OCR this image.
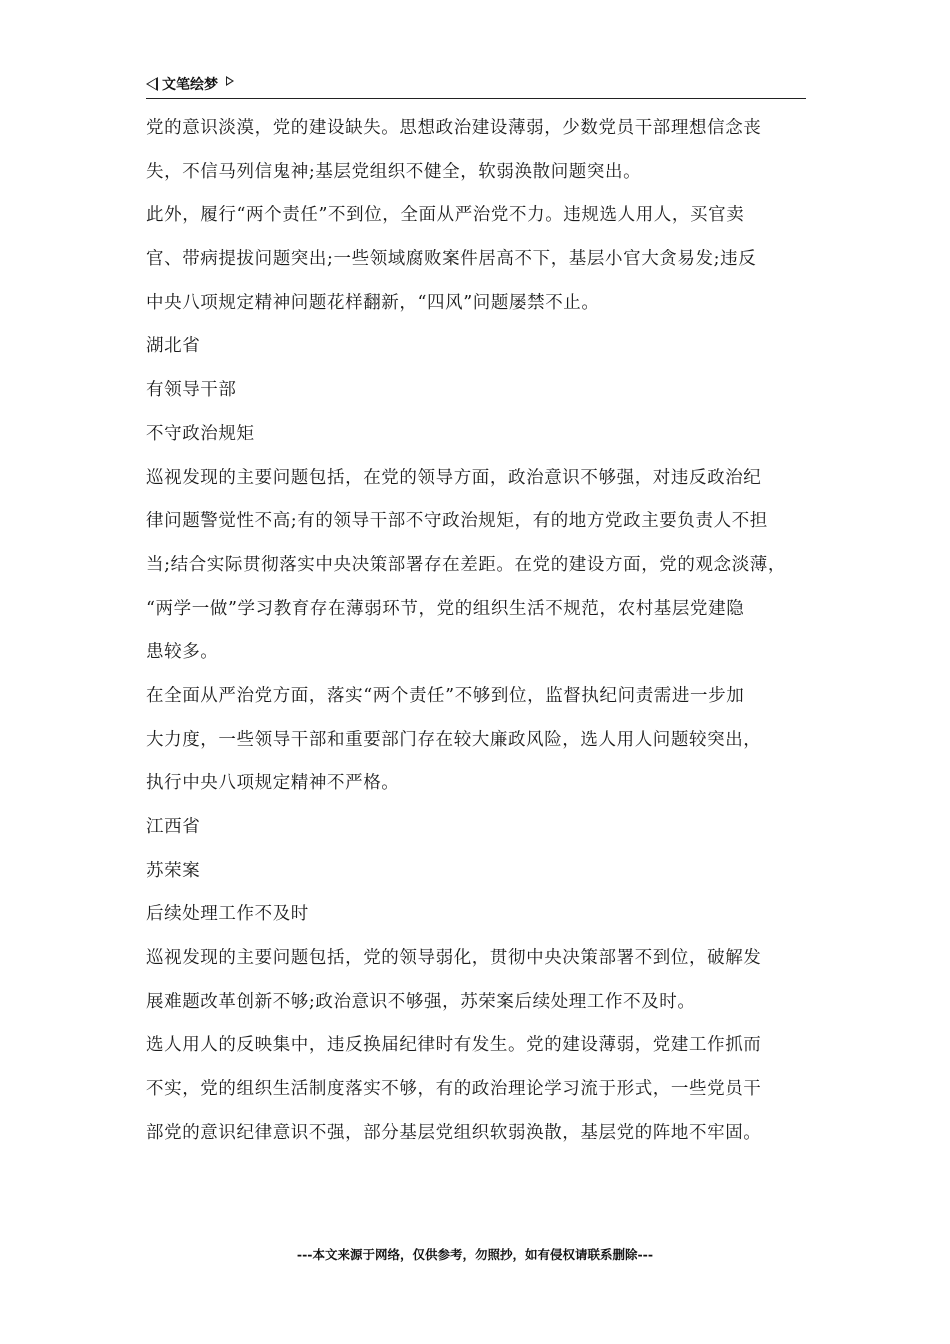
文笔绘梦
党的意识淡漠，党的建设缺失。思想政治建设薄弱，少数党员干部理想信念丧
失，不信马列信鬼神;基层党组织不健全，软弱涣散问题突出。
此外，履行“两个责任”不到位，全面从严治党不力。违规选人用人，买官卖
官、带病提拔问题突出;一些领域腐败案件居高不下，基层小官大贪易发;违反
中央八项规定精神问题花样翻新，“四风”问题屡禁不止。
湖北省
有领导干部
不守政治规矩
巡视发现的主要问题包括，在党的领导方面，政治意识不够强，对违反政治纪
律问题警觉性不高;有的领导干部不守政治规矩，有的地方党政主要负责人不担
当;结合实际贯彻落实中央决策部署存在差距。在党的建设方面，党的观念淡薄，
“两学一做”学习教育存在薄弱环节，党的组织生活不规范，农村基层党建隐
患较多。
在全面从严治党方面，落实“两个责任”不够到位，监督执纪问责需进一步加
大力度，一些领导干部和重要部门存在较大廉政风险，选人用人问题较突出，
执行中央八项规定精神不严格。
江西省
苏荣案
后续处理工作不及时
巡视发现的主要问题包括，党的领导弱化，贯彻中央决策部署不到位，破解发
展难题改革创新不够;政治意识不够强，苏荣案后续处理工作不及时。
选人用人的反映集中，违反换届纪律时有发生。党的建设薄弱，党建工作抓而
不实，党的组织生活制度落实不够，有的政治理论学习流于形式，一些党员干
部党的意识纪律意识不强，部分基层党组织软弱涣散，基层党的阵地不牢固。
---本文来源于网络，仅供参考，勿照抄，如有侵权请联系删除---
